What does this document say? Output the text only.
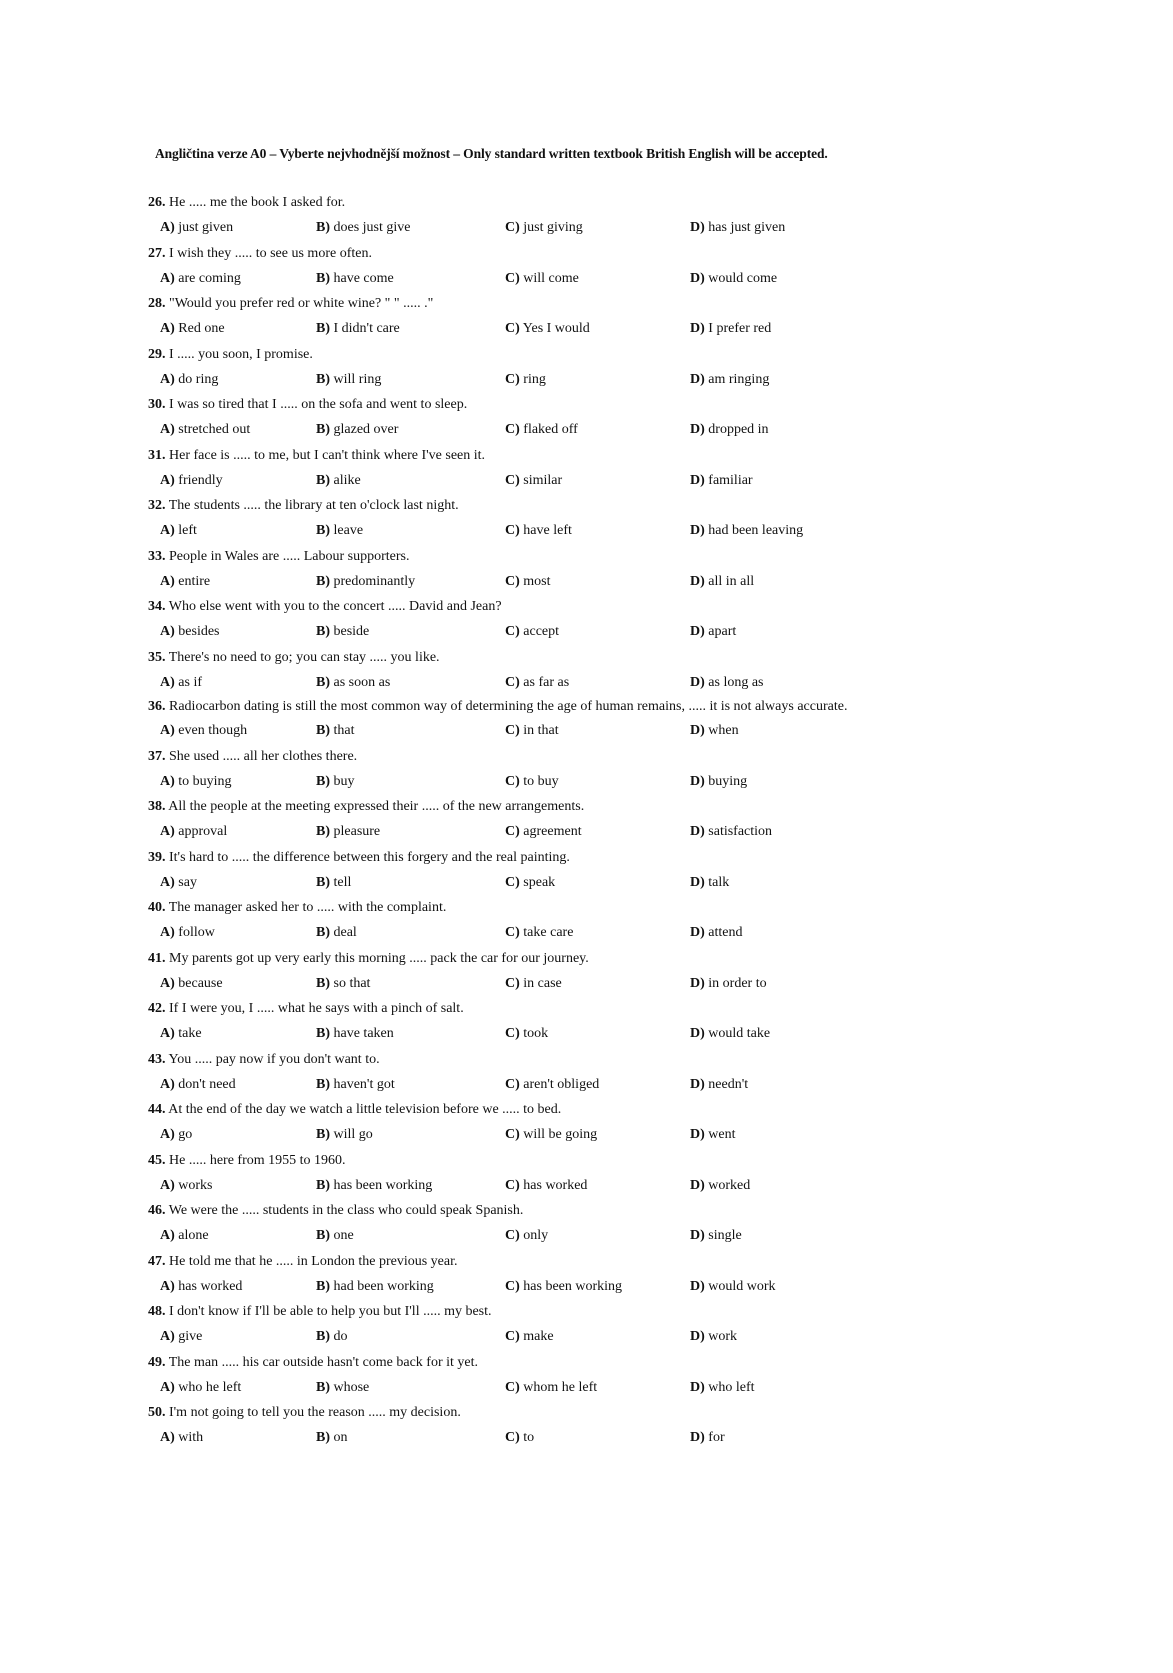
Angličtina verze A0 – Vyberte nejvhodnější možnost – Only standard written textbook British English will be accepted.
26. He ..... me the book I asked for.
A) just given	B) does just give	C) just giving	D) has just given
27. I wish they ..... to see us more often.
A) are coming	B) have come	C) will come	D) would come
28. "Would you prefer red or white wine? " " ..... ."
A) Red one	B) I didn't care	C) Yes I would	D) I prefer red
29. I ..... you soon, I promise.
A) do ring	B) will ring	C) ring	D) am ringing
30. I was so tired that I ..... on the sofa and went to sleep.
A) stretched out	B) glazed over	C) flaked off	D) dropped in
31. Her face is ..... to me, but I can't think where I've seen it.
A) friendly	B) alike	C) similar	D) familiar
32. The students ..... the library at ten o'clock last night.
A) left	B) leave	C) have left	D) had been leaving
33. People in Wales are ..... Labour supporters.
A) entire	B) predominantly	C) most	D) all in all
34. Who else went with you to the concert ..... David and Jean?
A) besides	B) beside	C) accept	D) apart
35. There's no need to go; you can stay ..... you like.
A) as if	B) as soon as	C) as far as	D) as long as
36. Radiocarbon dating is still the most common way of determining the age of human remains, ..... it is not always accurate.
A) even though	B) that	C) in that	D) when
37. She used ..... all her clothes there.
A) to buying	B) buy	C) to buy	D) buying
38. All the people at the meeting expressed their ..... of the new arrangements.
A) approval	B) pleasure	C) agreement	D) satisfaction
39. It's hard to ..... the difference between this forgery and the real painting.
A) say	B) tell	C) speak	D) talk
40. The manager asked her to ..... with the complaint.
A) follow	B) deal	C) take care	D) attend
41. My parents got up very early this morning ..... pack the car for our journey.
A) because	B) so that	C) in case	D) in order to
42. If I were you, I ..... what he says with a pinch of salt.
A) take	B) have taken	C) took	D) would take
43. You ..... pay now if you don't want to.
A) don't need	B) haven't got	C) aren't obliged	D) needn't
44. At the end of the day we watch a little television before we ..... to bed.
A) go	B) will go	C) will be going	D) went
45. He ..... here from 1955 to 1960.
A) works	B) has been working	C) has worked	D) worked
46. We were the ..... students in the class who could speak Spanish.
A) alone	B) one	C) only	D) single
47. He told me that he ..... in London the previous year.
A) has worked	B) had been working	C) has been working	D) would work
48. I don't know if I'll be able to help you but I'll ..... my best.
A) give	B) do	C) make	D) work
49. The man ..... his car outside hasn't come back for it yet.
A) who he left	B) whose	C) whom he left	D) who left
50. I'm not going to tell you the reason ..... my decision.
A) with	B) on	C) to	D) for
